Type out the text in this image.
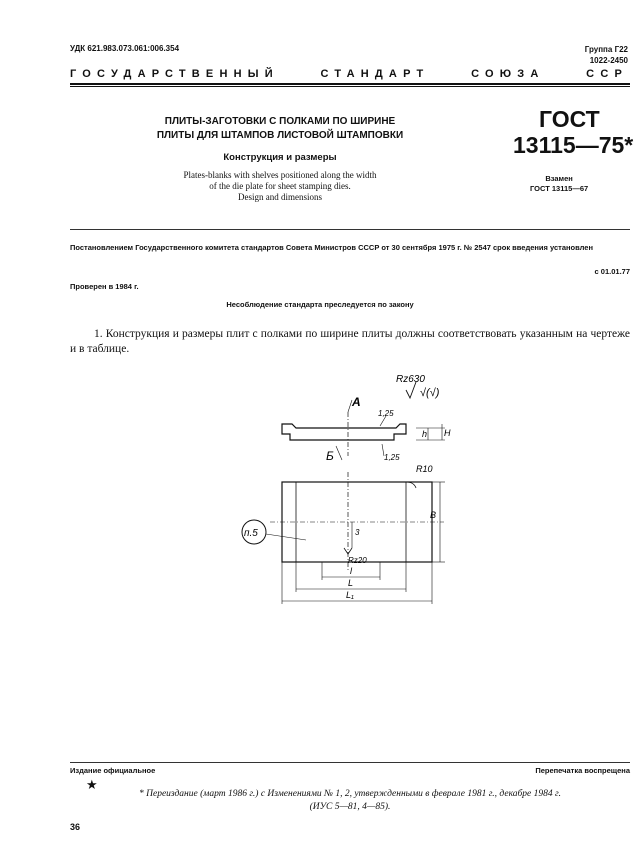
УДК 621.983.073.061:006.354	Группа Г22
1022-2450
ГОСУДАРСТВЕННЫЙ	СТАНДАРТ	СОЮЗА	ССР
ПЛИТЫ-ЗАГОТОВКИ С ПОЛКАМИ ПО ШИРИНЕ
ПЛИТЫ ДЛЯ ШТАМПОВ ЛИСТОВОЙ ШТАМПОВКИ
Конструкция и размеры
Plates-blanks with shelves positioned along the width
of the die plate for sheet stamping dies.
Design and dimensions
ГОСТ
13115—75*
Взамен
ГОСТ 13115—67
Постановлением Государственного комитета стандартов Совета Министров СССР от 30 сентября 1975 г. № 2547 срок введения установлен
с 01.01.77
Проверен в 1984 г.
Несоблюдение стандарта преследуется по закону
1. Конструкция и размеры плит с полками по ширине плиты должны соответствовать указанным на чертеже и в таблице.
Rz630
√(√)
A
Б
1,25
1,25
h H
R10
B
п.5	3
Rz20
l
L
L₁
Издание официальное	Перепечатка воспрещена
★
* Переиздание (март 1986 г.) с Изменениями № 1, 2, утвержденными в феврале 1981 г., декабре 1984 г.
(ИУС 5—81, 4—85).
36
